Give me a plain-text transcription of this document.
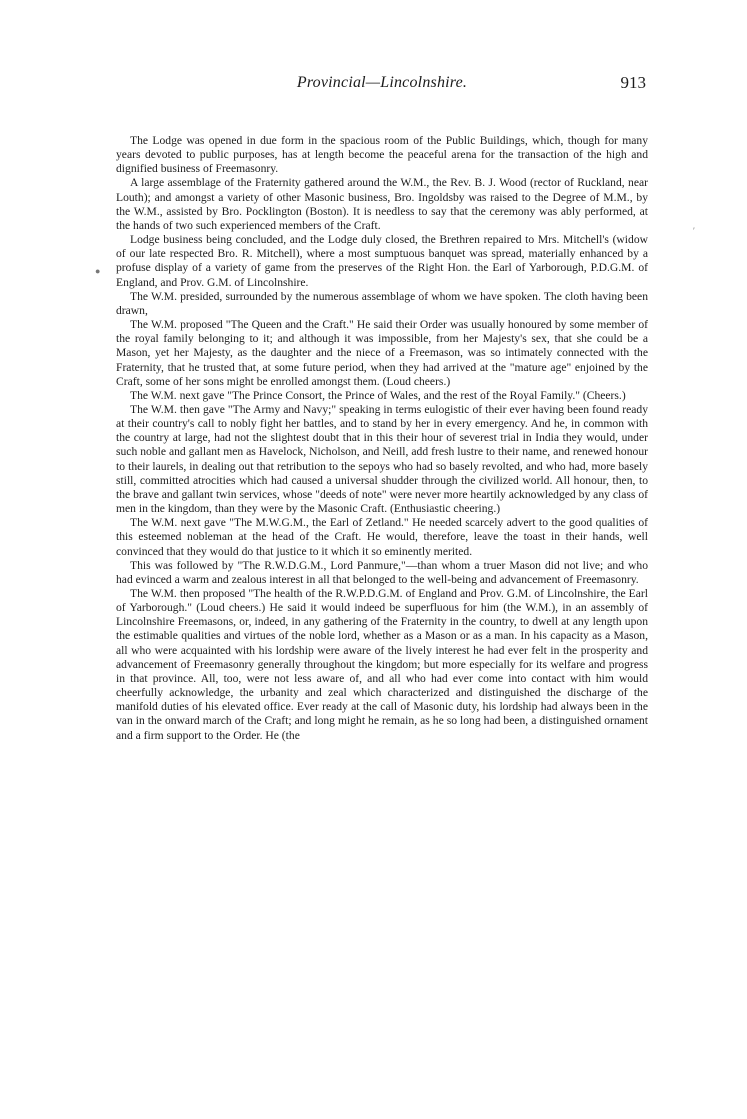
Provincial—Lincolnshire.	913

The Lodge was opened in due form in the spacious room of the Public Buildings, which, though for many years devoted to public purposes, has at length become the peaceful arena for the transaction of the high and dignified business of Freemasonry.

A large assemblage of the Fraternity gathered around the W.M., the Rev. B. J. Wood (rector of Ruckland, near Louth); and amongst a variety of other Masonic business, Bro. Ingoldsby was raised to the Degree of M.M., by the W.M., assisted by Bro. Pocklington (Boston). It is needless to say that the ceremony was ably performed, at the hands of two such experienced members of the Craft.

Lodge business being concluded, and the Lodge duly closed, the Brethren repaired to Mrs. Mitchell's (widow of our late respected Bro. R. Mitchell), where a most sumptuous banquet was spread, materially enhanced by a profuse display of a variety of game from the preserves of the Right Hon. the Earl of Yarborough, P.D.G.M. of England, and Prov. G.M. of Lincolnshire.

The W.M. presided, surrounded by the numerous assemblage of whom we have spoken. The cloth having been drawn,

The W.M. proposed "The Queen and the Craft." He said their Order was usually honoured by some member of the royal family belonging to it; and although it was impossible, from her Majesty's sex, that she could be a Mason, yet her Majesty, as the daughter and the niece of a Freemason, was so intimately connected with the Fraternity, that he trusted that, at some future period, when they had arrived at the "mature age" enjoined by the Craft, some of her sons might be enrolled amongst them. (Loud cheers.)

The W.M. next gave "The Prince Consort, the Prince of Wales, and the rest of the Royal Family." (Cheers.)

The W.M. then gave "The Army and Navy;" speaking in terms eulogistic of their ever having been found ready at their country's call to nobly fight her battles, and to stand by her in every emergency. And he, in common with the country at large, had not the slightest doubt that in this their hour of severest trial in India they would, under such noble and gallant men as Havelock, Nicholson, and Neill, add fresh lustre to their name, and renewed honour to their laurels, in dealing out that retribution to the sepoys who had so basely revolted, and who had, more basely still, committed atrocities which had caused a universal shudder through the civilized world. All honour, then, to the brave and gallant twin services, whose "deeds of note" were never more heartily acknowledged by any class of men in the kingdom, than they were by the Masonic Craft. (Enthusiastic cheering.)

The W.M. next gave "The M.W.G.M., the Earl of Zetland." He needed scarcely advert to the good qualities of this esteemed nobleman at the head of the Craft. He would, therefore, leave the toast in their hands, well convinced that they would do that justice to it which it so eminently merited.

This was followed by "The R.W.D.G.M., Lord Panmure,"—than whom a truer Mason did not live; and who had evinced a warm and zealous interest in all that belonged to the well-being and advancement of Freemasonry.

The W.M. then proposed "The health of the R.W.P.D.G.M. of England and Prov. G.M. of Lincolnshire, the Earl of Yarborough." (Loud cheers.) He said it would indeed be superfluous for him (the W.M.), in an assembly of Lincolnshire Freemasons, or, indeed, in any gathering of the Fraternity in the country, to dwell at any length upon the estimable qualities and virtues of the noble lord, whether as a Mason or as a man. In his capacity as a Mason, all who were acquainted with his lordship were aware of the lively interest he had ever felt in the prosperity and advancement of Freemasonry generally throughout the kingdom; but more especially for its welfare and progress in that province. All, too, were not less aware of, and all who had ever come into contact with him would cheerfully acknowledge, the urbanity and zeal which characterized and distinguished the discharge of the manifold duties of his elevated office. Ever ready at the call of Masonic duty, his lordship had always been in the van in the onward march of the Craft; and long might he remain, as he so long had been, a distinguished ornament and a firm support to the Order. He (the

●
′
